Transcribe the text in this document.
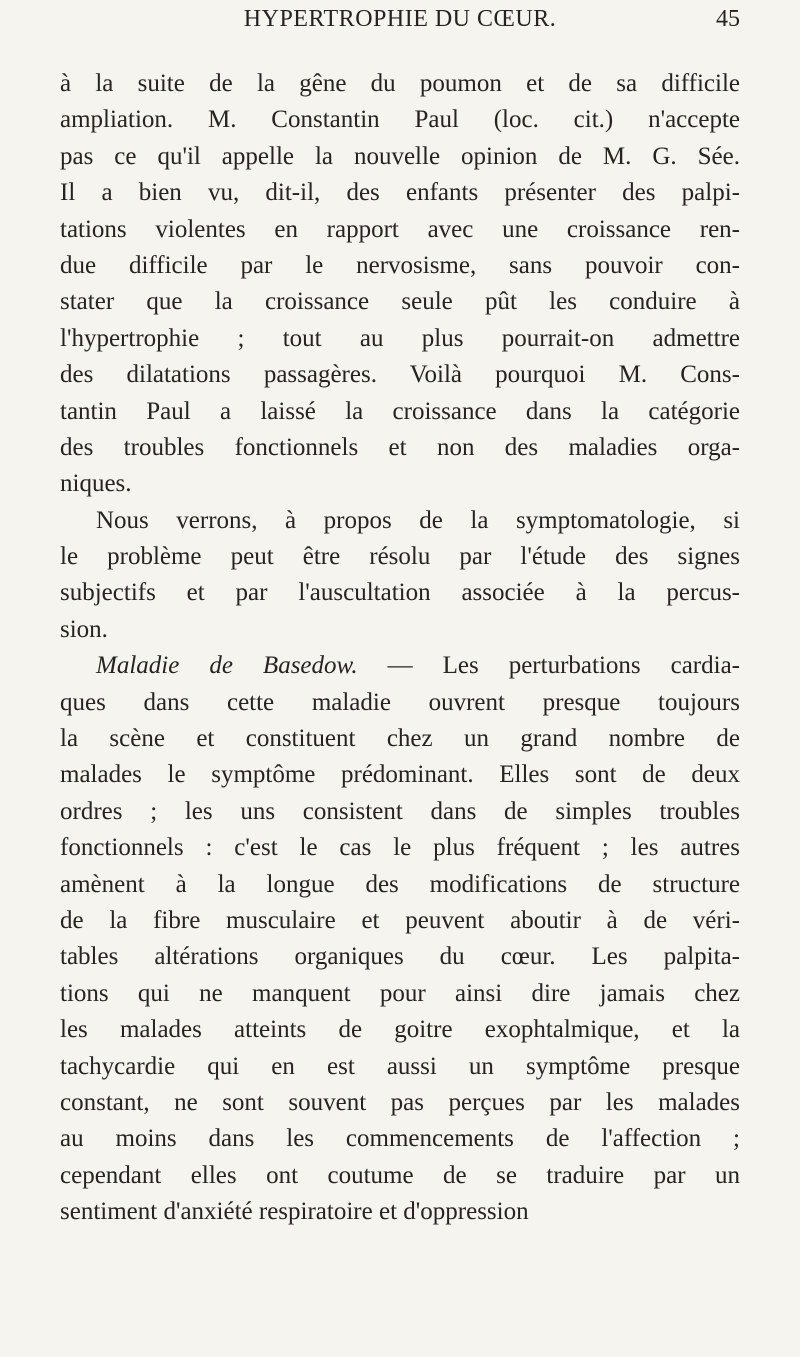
HYPERTROPHIE DU CŒUR.	45
à la suite de la gêne du poumon et de sa difficile
ampliation. M. Constantin Paul (loc. cit.) n'accepte
pas ce qu'il appelle la nouvelle opinion de M. G. Sée.
Il a bien vu, dit-il, des enfants présenter des palpi-
tations violentes en rapport avec une croissance ren-
due difficile par le nervosisme, sans pouvoir con-
stater que la croissance seule pût les conduire à
l'hypertrophie ; tout au plus pourrait-on admettre
des dilatations passagères. Voilà pourquoi M. Cons-
tantin Paul a laissé la croissance dans la catégorie
des troubles fonctionnels et non des maladies orga-
niques.
Nous verrons, à propos de la symptomatologie, si
le problème peut être résolu par l'étude des signes
subjectifs et par l'auscultation associée à la percus-
sion.
Maladie de Basedow. — Les perturbations cardia-
ques dans cette maladie ouvrent presque toujours
la scène et constituent chez un grand nombre de
malades le symptôme prédominant. Elles sont de deux
ordres ; les uns consistent dans de simples troubles
fonctionnels : c'est le cas le plus fréquent ; les autres
amènent à la longue des modifications de structure
de la fibre musculaire et peuvent aboutir à de véri-
tables altérations organiques du cœur. Les palpita-
tions qui ne manquent pour ainsi dire jamais chez
les malades atteints de goitre exophtalmique, et la
tachycardie qui en est aussi un symptôme presque
constant, ne sont souvent pas perçues par les malades
au moins dans les commencements de l'affection ;
cependant elles ont coutume de se traduire par un
sentiment d'anxiété respiratoire et d'oppression
